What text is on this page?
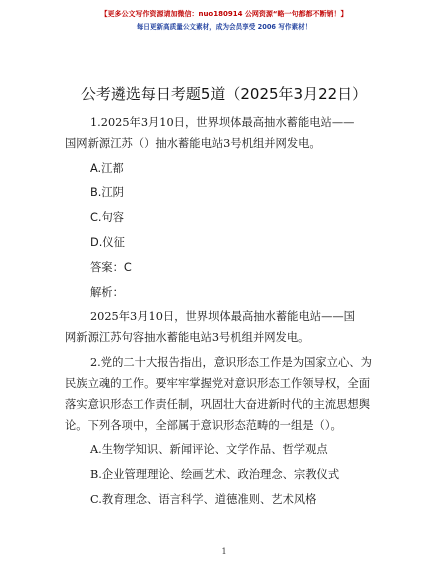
【更多公文写作资源请加微信：nuo180914 公网资源“略一句都都不断销！】
每日更新高质量公文素材，成为会员享受 2006 写作素材！
公考遴选每日考题5道（2025年3月22日）
1.2025年3月10日，世界坝体最高抽水蓄能电站——
国网新源江苏（）抽水蓄能电站3号机组并网发电。
A.江都
B.江阴
C.句容
D.仪征
答案：C
解析：
2025年3月10日，世界坝体最高抽水蓄能电站——国
网新源江苏句容抽水蓄能电站3号机组并网发电。
2.党的二十大报告指出，意识形态工作是为国家立心、为
民族立魂的工作。要牢牢掌握党对意识形态工作领导权，全面
落实意识形态工作责任制，巩固壮大奋进新时代的主流思想舆
论。下列各项中，全部属于意识形态范畴的一组是（）。
A.生物学知识、新闻评论、文学作品、哲学观点
B.企业管理理论、绘画艺术、政治理念、宗教仪式
C.教育理念、语言科学、道德准则、艺术风格
1
